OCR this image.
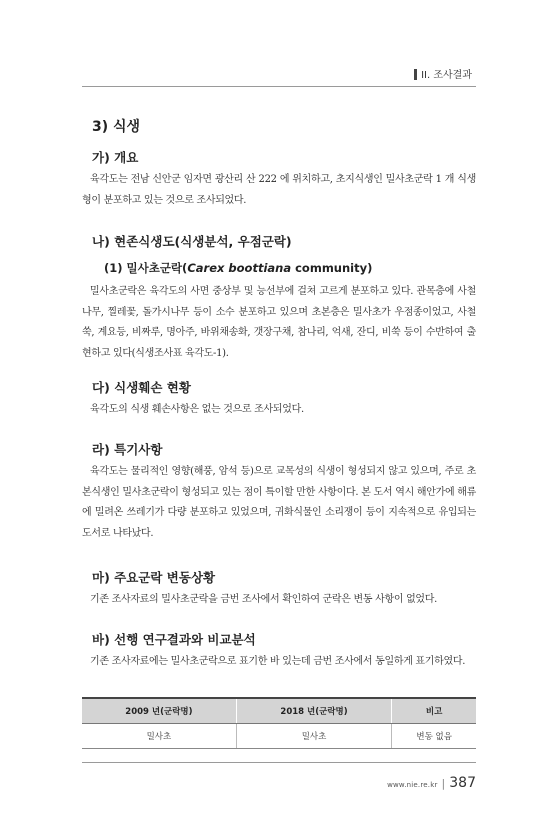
II. 조사결과
3) 식생
가) 개요

육각도는 전남 신안군 임자면 광산리 산 222 에 위치하고, 초지식생인 밀사초군락 1 개 식생형이 분포하고 있는 것으로 조사되었다.

나) 현존식생도(식생분석, 우점군락)
(1) 밀사초군락(Carex boottiana community)

밀사초군락은 육각도의 사면 중상부 및 능선부에 걸쳐 고르게 분포하고 있다. 관목층에 사철나무, 찔레꽃, 돌가시나무 등이 소수 분포하고 있으며 초본층은 밀사초가 우점종이었고, 사철쑥, 계요등, 비짜루, 명아주, 바위채송화, 갯장구채, 참나리, 억새, 잔디, 비쑥 등이 수반하여 출현하고 있다(식생조사표 육각도-1).

다) 식생훼손 현황

육각도의 식생 훼손사항은 없는 것으로 조사되었다.

라) 특기사항

육각도는 물리적인 영향(해풍, 암석 등)으로 교목성의 식생이 형성되지 않고 있으며, 주로 초본식생인 밀사초군락이 형성되고 있는 점이 특이할 만한 사항이다. 본 도서 역시 해안가에 해류에 밀려온 쓰레기가 다량 분포하고 있었으며, 귀화식물인 소리쟁이 등이 지속적으로 유입되는 도서로 나타났다.

마) 주요군락 변동상황

기존 조사자료의 밀사초군락을 금번 조사에서 확인하여 군락은 변동 사항이 없었다.

바) 선행 연구결과와 비교분석

기존 조사자료에는 밀사초군락으로 표기한 바 있는데 금번 조사에서 동일하게 표기하였다.

2009 년(군락명)	2018 년(군락명)	비고
밀사초	밀사초	변동 없음
www.nie.re.kr | 387
